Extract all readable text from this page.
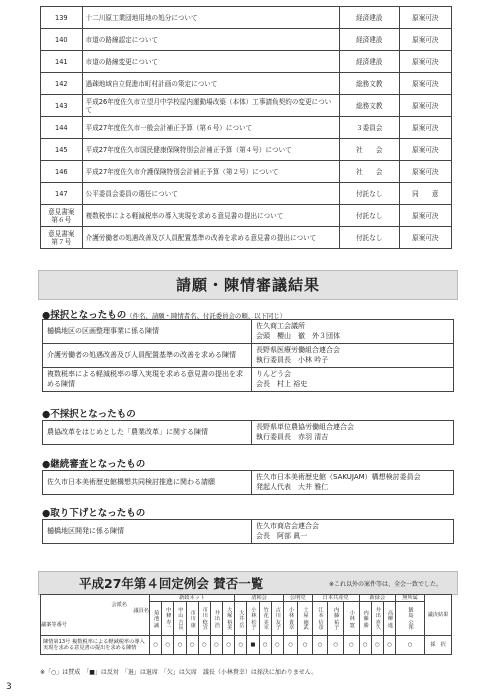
139	十二川原工業団地用地の処分について	経済建設	原案可決
140	市道の路線認定について	経済建設	原案可決
141	市道の路線変更について	経済建設	原案可決
142	過疎地域自立促進市町村計画の策定について	総務文教	原案可決
143	平成26年度佐久市立望月中学校屋内運動場改築（本体）工事請負契約の変更について	総務文教	原案可決
144	平成27年度佐久市一般会計補正予算（第６号）について	３委員会	原案可決
145	平成27年度佐久市国民健康保険特別会計補正予算（第４号）について	社　　会	原案可決
146	平成27年度佐久市介護保険特別会計補正予算（第２号）について	社　　会	原案可決
147	公平委員会委員の選任について	付託なし	同　　意
意見書案
第６号	複数税率による軽減税率の導入実現を求める意見書の提出について	付託なし	原案可決
意見書案
第７号	介護労働者の処遇改善及び人員配置基準の改善を求める意見書の提出について	付託なし	原案可決
請願・陳情審議結果
●採択となったもの（件名、請願・陳情者名、付託委員会の順、以下同じ）
樋橋地区の区画整理事業に係る陳情	佐久商工会議所
会頭　櫻山　徹　外３団体
介護労働者の処遇改善及び人員配置基準の改善を求める陳情	長野県医療労働組合連合会
執行委員長　小林 吟子
複数税率による軽減税率の導入実現を求める意見書の提出を求める陳情	りんどう会
会長　村上 裕史
●不採択となったもの
農協改革をはじめとした「農業改革」に関する陳情	長野県単位農協労働組合連合会
執行委員長　赤羽 清吉
●継続審査となったもの
佐久市日本美術歴史館構想共同検討推進に関わる請願	佐久市日本美術歴史館（SAKUJAM）構想検討委員会
発起人代表　大井 雅仁
●取り下げとなったもの
樋橋地区開発に係る陳情	佐久市商店会連合会
会長　阿部 眞一
平成27年第４回定例会 賛否一覧	※これ以外の案件等は、全会一致でした。
会派名
議員名
議案等番号	新政ネット							清和会				公明党		日本共産党			新緑会			無所属	議決結果

	菊池 誠	中條 寿一	中山 吉長	市川 康	市川 稔宣	井出 浩	大塚 裕美	大井 岳	小林 松子	竹花 美幸	吉川 友子	小林 貴幸	土屋 徳武	江本 信彦	内藤 祐子	小林 寛	内藤 勝	井出 喜久	高柳 進	飯島 公邦	

陳情第13号 複数税率による軽減税率の導入実現を求める意見書の提出を求める陳情	○	○	○	○	○	○	○	○	■	○	○	○	○	○	○	○	○	○	○	○	採　択
※「○」は賛成　「■」は反対　「退」は退席　「欠」は欠席　議長（小林貴幸）は採決に加わりません。
3
